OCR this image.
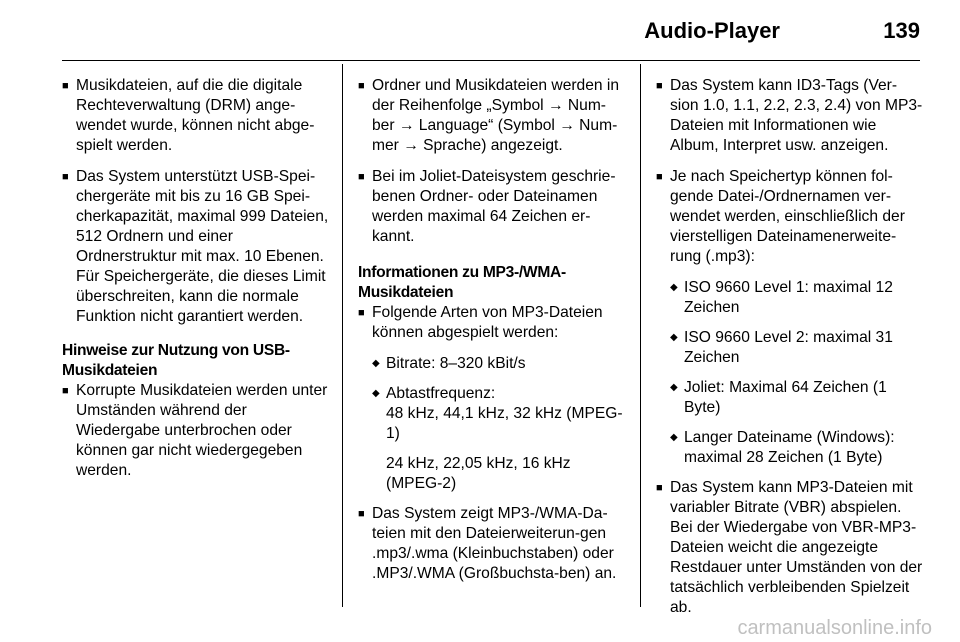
Audio-Player	139

■ Musikdateien, auf die die digitale Rechteverwaltung (DRM) ange-wendet wurde, können nicht abge-spielt werden.

■ Das System unterstützt USB-Spei-chergeräte mit bis zu 16 GB Spei-cherkapazität, maximal 999 Dateien, 512 Ordnern und einer Ordnerstruktur mit max. 10 Ebenen. Für Speichergeräte, die dieses Limit überschreiten, kann die normale Funktion nicht garantiert werden.

Hinweise zur Nutzung von USB-Musikdateien

■ Korrupte Musikdateien werden unter Umständen während der Wiedergabe unterbrochen oder können gar nicht wiedergegeben werden.

■ Ordner und Musikdateien werden in der Reihenfolge „Symbol → Num-ber → Language“ (Symbol → Num-mer → Sprache) angezeigt.

■ Bei im Joliet-Dateisystem geschrie-benen Ordner- oder Dateinamen werden maximal 64 Zeichen er-kannt.

Informationen zu MP3-/WMA-Musikdateien

■ Folgende Arten von MP3-Dateien können abgespielt werden:

◆ Bitrate: 8–320 kBit/s

◆ Abtastfrequenz:

48 kHz, 44,1 kHz, 32 kHz (MPEG-1)

24 kHz, 22,05 kHz, 16 kHz (MPEG-2)

■ Das System zeigt MP3-/WMA-Da-teien mit den Dateierweiterun-gen .mp3/.wma (Kleinbuchstaben) oder .MP3/.WMA (Großbuchsta-ben) an.

■ Das System kann ID3-Tags (Ver-sion 1.0, 1.1, 2.2, 2.3, 2.4) von MP3-Dateien mit Informationen wie Album, Interpret usw. anzeigen.

■ Je nach Speichertyp können fol-gende Datei-/Ordnernamen ver-wendet werden, einschließlich der vierstelligen Dateinamenerweite-rung (.mp3):

◆ ISO 9660 Level 1: maximal 12 Zeichen

◆ ISO 9660 Level 2: maximal 31 Zeichen

◆ Joliet: Maximal 64 Zeichen (1 Byte)

◆ Langer Dateiname (Windows): maximal 28 Zeichen (1 Byte)

■ Das System kann MP3-Dateien mit variabler Bitrate (VBR) abspielen. Bei der Wiedergabe von VBR-MP3-Dateien weicht die angezeigte Restdauer unter Umständen von der tatsächlich verbleibenden Spielzeit ab.

carmanualsonline.info
